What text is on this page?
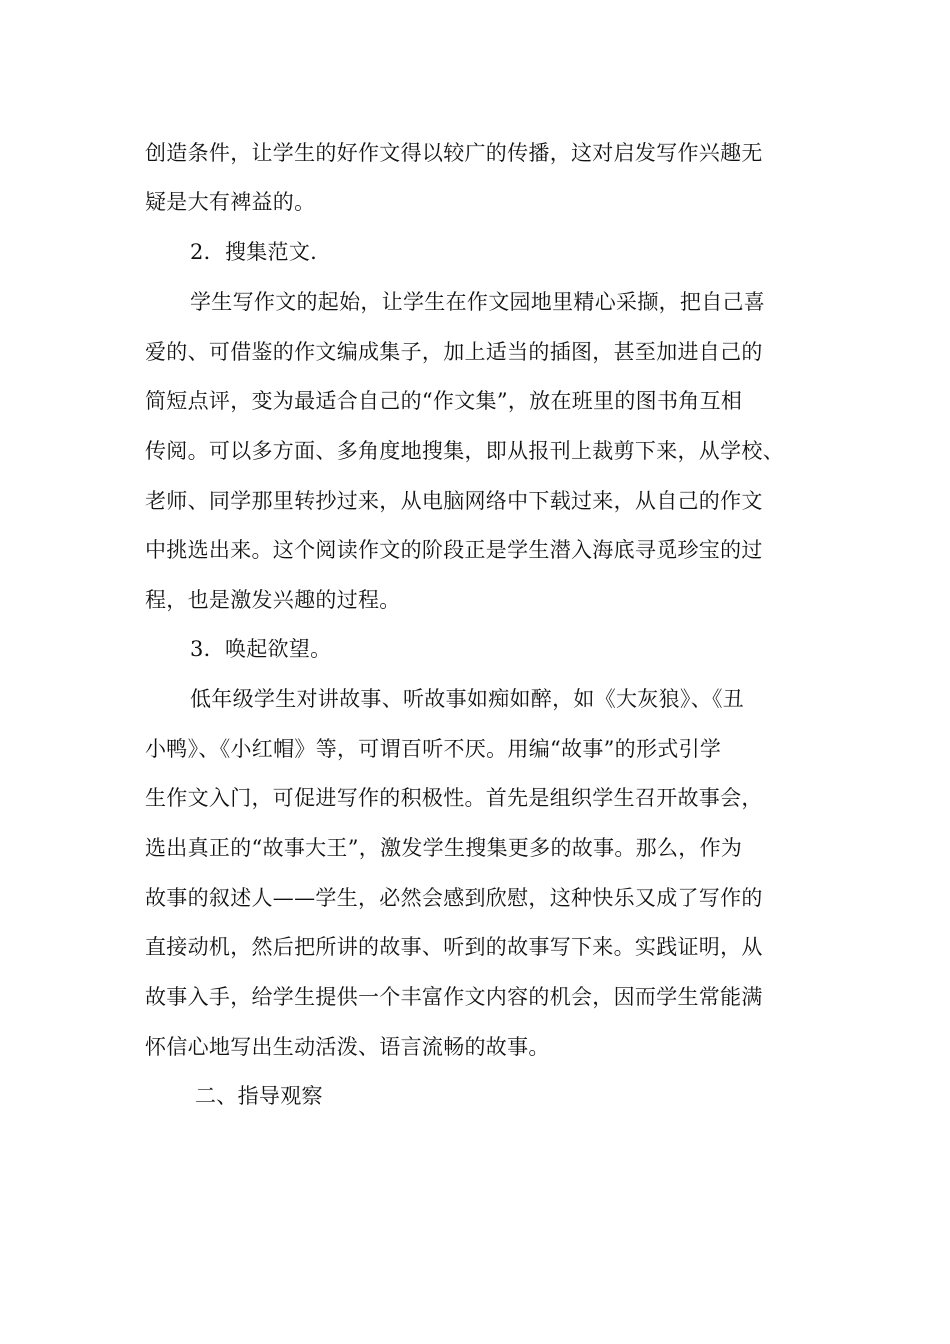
创造条件，让学生的好作文得以较广的传播，这对启发写作兴趣无
疑是大有裨益的。
2．搜集范文.
学生写作文的起始，让学生在作文园地里精心采撷，把自己喜
爱的、可借鉴的作文编成集子，加上适当的插图，甚至加进自己的
简短点评，变为最适合自己的“作文集”，放在班里的图书角互相
传阅。可以多方面、多角度地搜集，即从报刊上裁剪下来，从学校、
老师、同学那里转抄过来，从电脑网络中下载过来，从自己的作文
中挑选出来。这个阅读作文的阶段正是学生潜入海底寻觅珍宝的过
程，也是激发兴趣的过程。
3．唤起欲望。
低年级学生对讲故事、听故事如痴如醉，如《大灰狼》、《丑
小鸭》、《小红帽》等，可谓百听不厌。用编“故事”的形式引学
生作文入门，可促进写作的积极性。首先是组织学生召开故事会，
选出真正的“故事大王”，激发学生搜集更多的故事。那么，作为
故事的叙述人——学生，必然会感到欣慰，这种快乐又成了写作的
直接动机，然后把所讲的故事、听到的故事写下来。实践证明，从
故事入手，给学生提供一个丰富作文内容的机会，因而学生常能满
怀信心地写出生动活泼、语言流畅的故事。
二、指导观察
